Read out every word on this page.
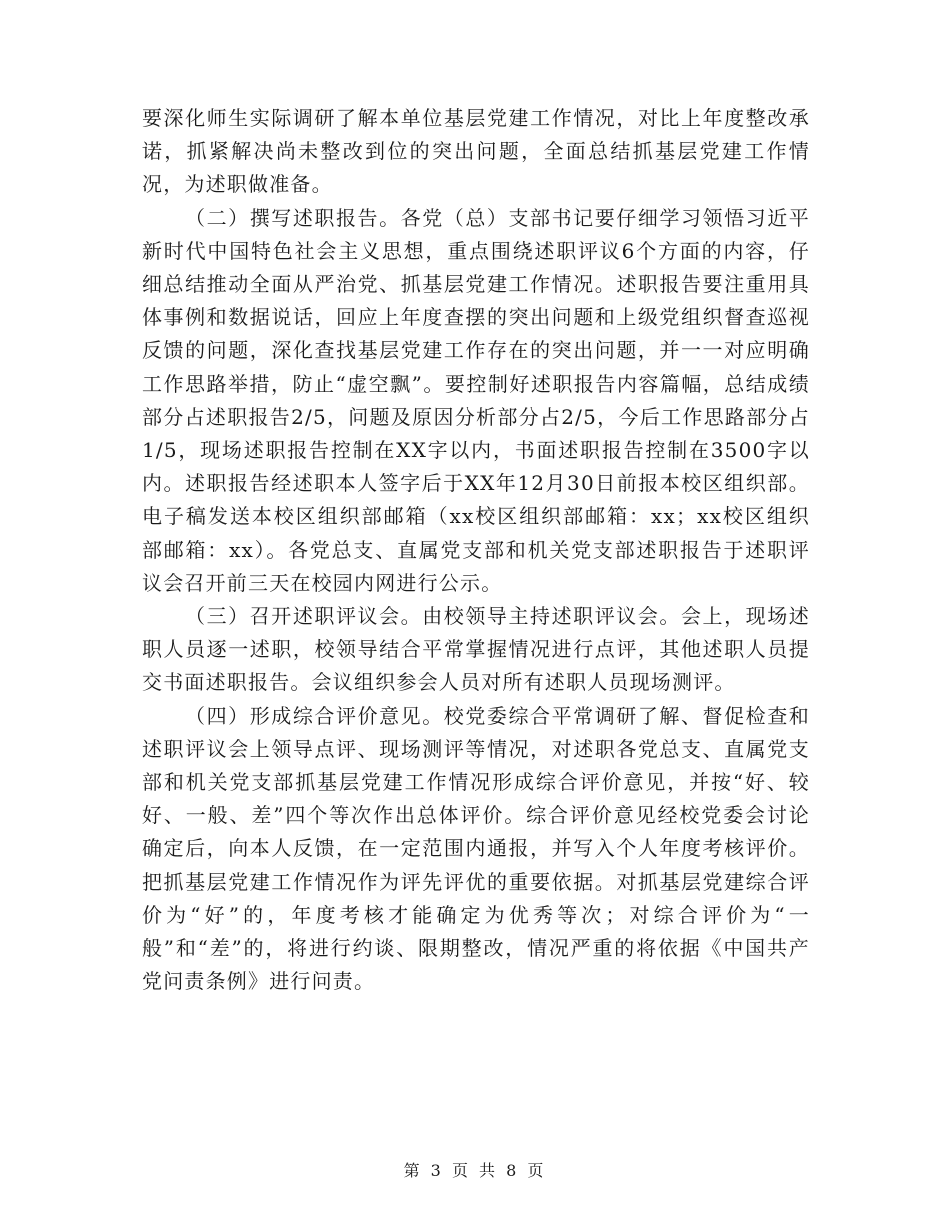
要深化师生实际调研了解本单位基层党建工作情况，对比上年度整改承诺，抓紧解决尚未整改到位的突出问题，全面总结抓基层党建工作情况，为述职做准备。

（二）撰写述职报告。各党（总）支部书记要仔细学习领悟习近平新时代中国特色社会主义思想，重点围绕述职评议6个方面的内容，仔细总结推动全面从严治党、抓基层党建工作情况。述职报告要注重用具体事例和数据说话，回应上年度查摆的突出问题和上级党组织督查巡视反馈的问题，深化查找基层党建工作存在的突出问题，并一一对应明确工作思路举措，防止“虚空飘”。要控制好述职报告内容篇幅，总结成绩部分占述职报告2/5，问题及原因分析部分占2/5，今后工作思路部分占1/5，现场述职报告控制在XX字以内，书面述职报告控制在3500字以内。述职报告经述职本人签字后于XX年12月30日前报本校区组织部。电子稿发送本校区组织部邮箱（xx校区组织部邮箱：xx；xx校区组织部邮箱：xx）。各党总支、直属党支部和机关党支部述职报告于述职评议会召开前三天在校园内网进行公示。

（三）召开述职评议会。由校领导主持述职评议会。会上，现场述职人员逐一述职，校领导结合平常掌握情况进行点评，其他述职人员提交书面述职报告。会议组织参会人员对所有述职人员现场测评。

（四）形成综合评价意见。校党委综合平常调研了解、督促检查和述职评议会上领导点评、现场测评等情况，对述职各党总支、直属党支部和机关党支部抓基层党建工作情况形成综合评价意见，并按“好、较好、一般、差”四个等次作出总体评价。综合评价意见经校党委会讨论确定后，向本人反馈，在一定范围内通报，并写入个人年度考核评价。把抓基层党建工作情况作为评先评优的重要依据。对抓基层党建综合评价为“好”的，年度考核才能确定为优秀等次；对综合评价为“一般”和“差”的，将进行约谈、限期整改，情况严重的将依据《中国共产党问责条例》进行问责。

第 3 页 共 8 页
